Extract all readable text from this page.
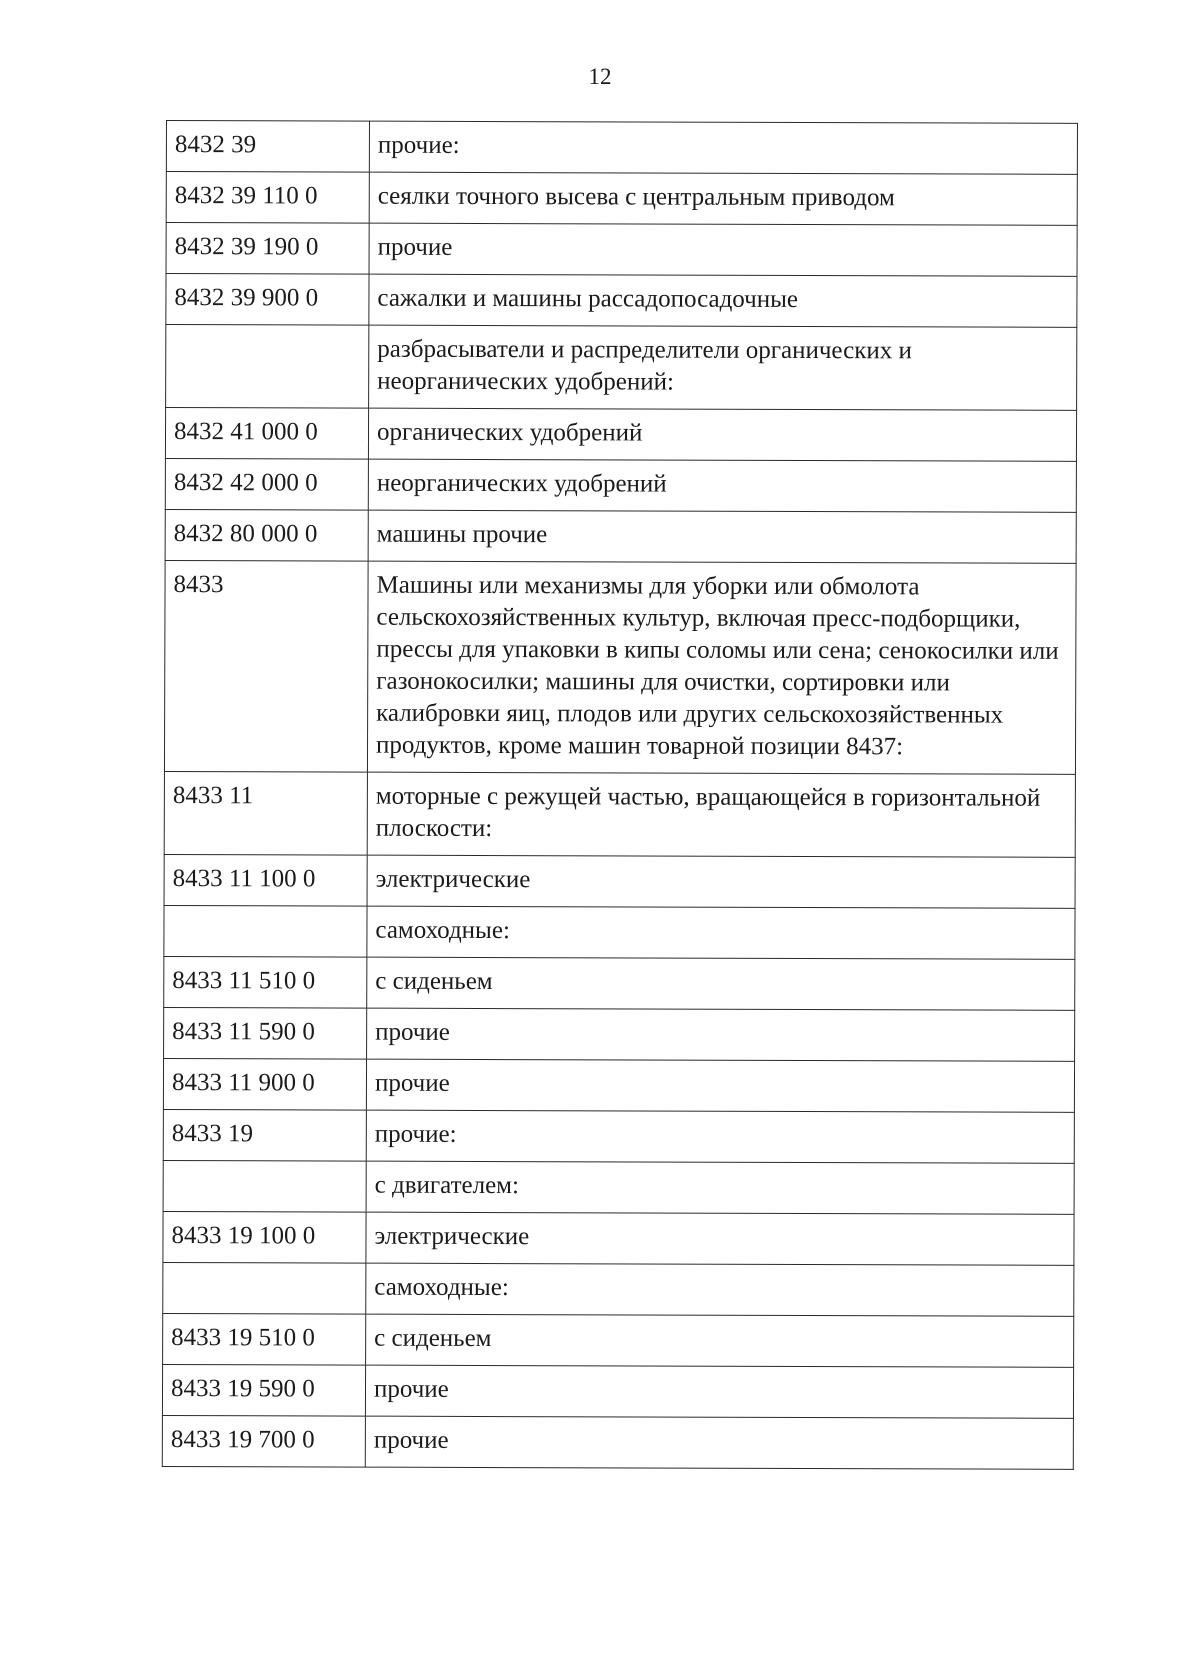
12
8432 39	прочие:
8432 39 110 0	сеялки точного высева с центральным приводом
8432 39 190 0	прочие
8432 39 900 0	сажалки и машины рассадопосадочные
	разбрасыватели и распределители органических и неорганических удобрений:
8432 41 000 0	органических удобрений
8432 42 000 0	неорганических удобрений
8432 80 000 0	машины прочие
8433	Машины или механизмы для уборки или обмолота сельскохозяйственных культур, включая пресс-подборщики, прессы для упаковки в кипы соломы или сена; сенокосилки или газонокосилки; машины для очистки, сортировки или калибровки яиц, плодов или других сельскохозяйственных продуктов, кроме машин товарной позиции 8437:
8433 11	моторные с режущей частью, вращающейся в горизонтальной плоскости:
8433 11 100 0	электрические
	самоходные:
8433 11 510 0	с сиденьем
8433 11 590 0	прочие
8433 11 900 0	прочие
8433 19	прочие:
	с двигателем:
8433 19 100 0	электрические
	самоходные:
8433 19 510 0	с сиденьем
8433 19 590 0	прочие
8433 19 700 0	прочие
